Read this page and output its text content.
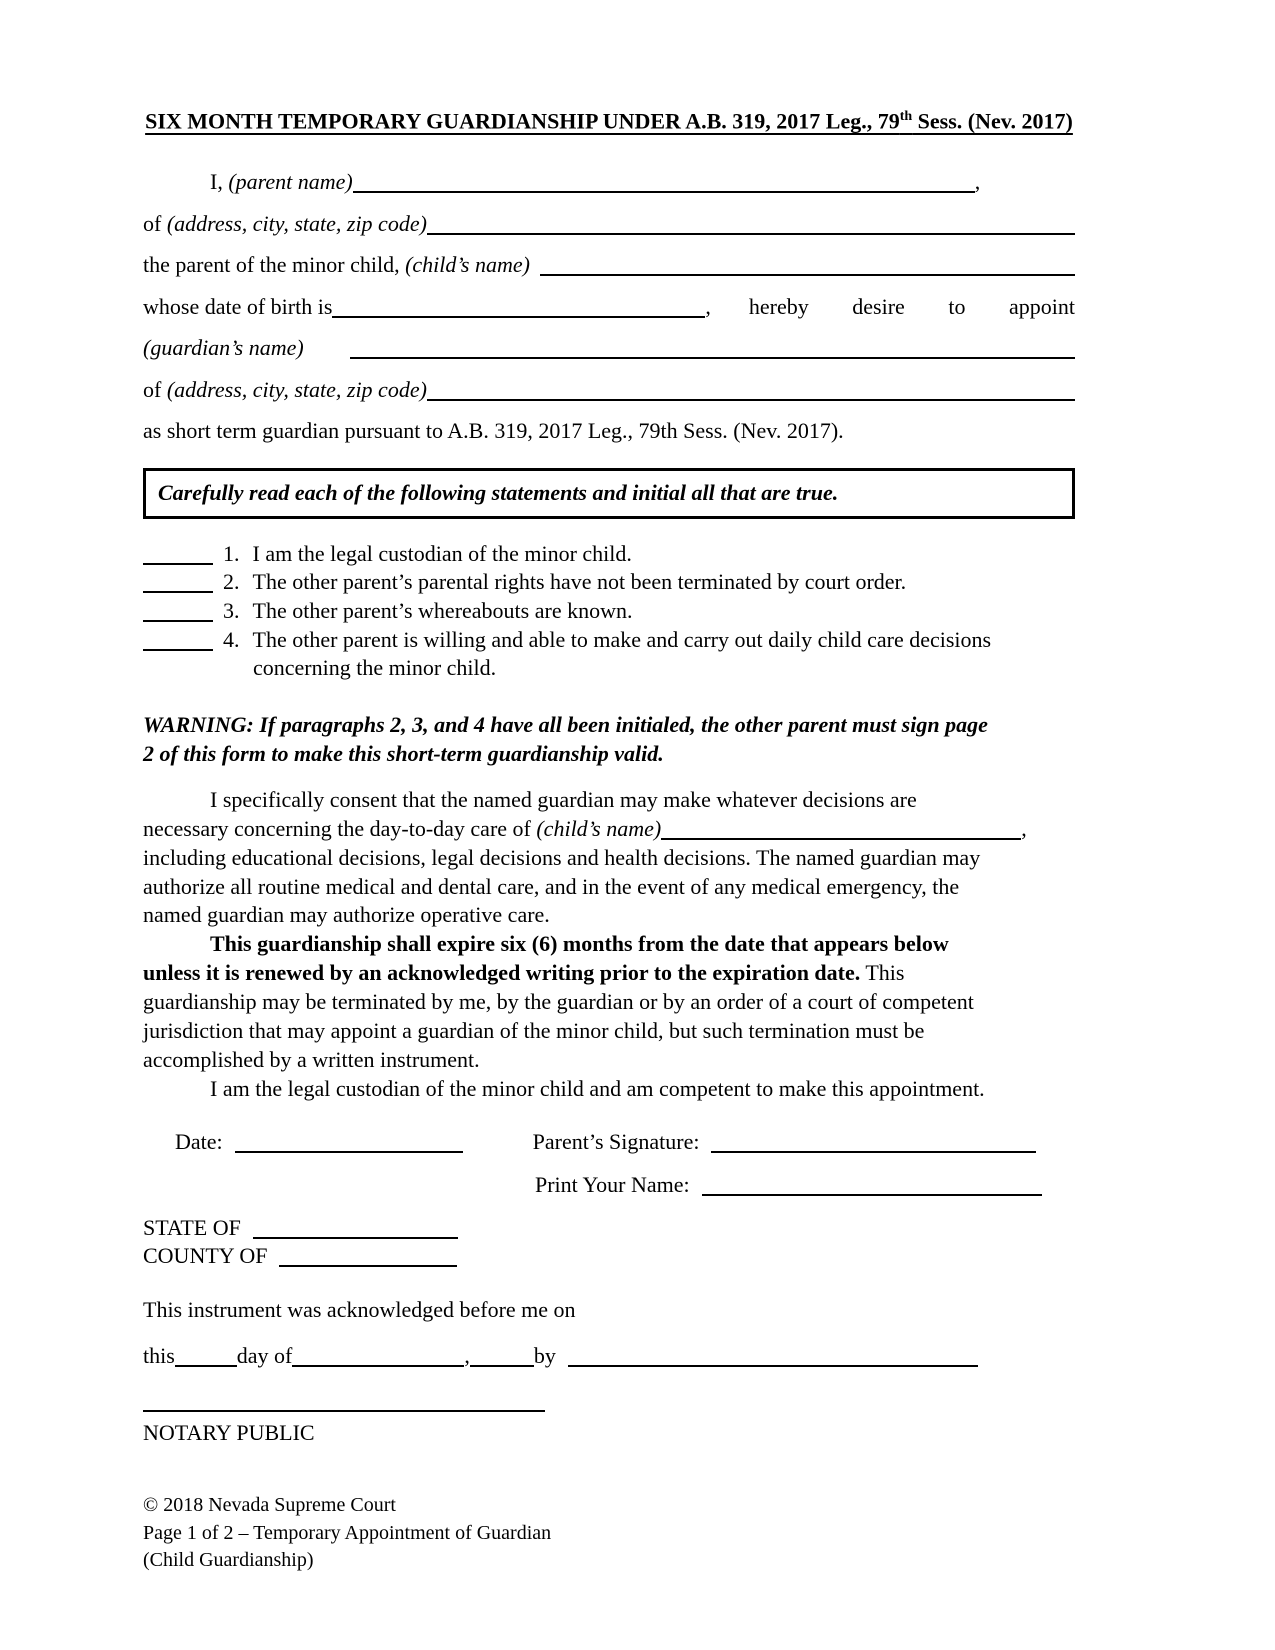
SIX MONTH TEMPORARY GUARDIANSHIP UNDER A.B. 319, 2017 Leg., 79th Sess. (Nev. 2017)
I, (parent name)	,
of (address, city, state, zip code)
the parent of the minor child, (child’s name)
whose date of birth is	, hereby desire to appoint
(guardian’s name)
of (address, city, state, zip code)
as short term guardian pursuant to A.B. 319, 2017 Leg., 79th Sess. (Nev. 2017).
Carefully read each of the following statements and initial all that are true.
1. I am the legal custodian of the minor child.
2. The other parent’s parental rights have not been terminated by court order.
3. The other parent’s whereabouts are known.
4. The other parent is willing and able to make and carry out daily child care decisions concerning the minor child.
WARNING: If paragraphs 2, 3, and 4 have all been initialed, the other parent must sign page
2 of this form to make this short-term guardianship valid.
I specifically consent that the named guardian may make whatever decisions are
necessary concerning the day-to-day care of (child’s name)	,
including educational decisions, legal decisions and health decisions. The named guardian may
authorize all routine medical and dental care, and in the event of any medical emergency, the
named guardian may authorize operative care.
This guardianship shall expire six (6) months from the date that appears below
unless it is renewed by an acknowledged writing prior to the expiration date. This
guardianship may be terminated by me, by the guardian or by an order of a court of competent
jurisdiction that may appoint a guardian of the minor child, but such termination must be
accomplished by a written instrument.
I am the legal custodian of the minor child and am competent to make this appointment.
Date:	Parent’s Signature:
Print Your Name:
STATE OF
COUNTY OF
This instrument was acknowledged before me on
this	day of	,	by
NOTARY PUBLIC
© 2018 Nevada Supreme Court
Page 1 of 2 – Temporary Appointment of Guardian
(Child Guardianship)
